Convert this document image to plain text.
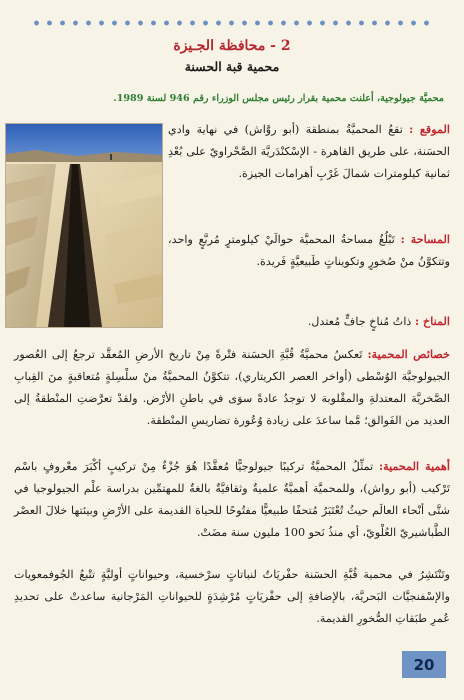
2 - محافظة الجـيزة
محمية قبة الحسنة
محميَّة جيولوجية، أعلنت محمية بقرار رئيس مجلس الوزراء رقم 946 لسنة 1989.
الموقع : تقعُ المحميَّةُ بمنطقة (أبو روَّاش) في نهاية وادي الحسَنة، على طريق القاهرة - الإسْكنْدَريَّة الصَّحْراويّ على بُعْدِ ثمانية كيلومترات شمالَ غَرْبِ أهرامات الجيزة.
المساحة : تَبْلُغُ مساحةُ المحميَّة حوالَيْ كيلومترٍ مُربَّعٍ واحد، وتتكوَّنُ منْ صُخورٍ وتكويناتٍ طَبيعيَّةٍ فَريدة.
المناخ : ذاتُ مُناخٍ جافٍّ مُعتدل.
خصائص المحمية: تَعكسُ محميَّةُ قُبَّةِ الحسَنة فتْرةً مِنْ تاريخ الأرضِ المُعقَّد ترجعُ إلى العُصور الجيولوجيَّة الوُسْطى (أواخر العصر الكريتاري)، تتكوَّنُ المحميَّةُ منْ سلْسِلةٍ مُتعاقبةٍ منَ القِبابِ الصَّخريَّة المعتدلةِ والمقْلوبة لا توجدُ عادةً سوَى في باطنِ الأرْض. ولقدْ تعرَّضتِ المنْطقةُ إلى العديد من الفَوالق؛ مَّما ساعدَ على زيادة وُعُورة تضاريسِ المنْطقة.
أهمية المحمية: تمثِّلُ المحميَّةُ تركيبًا جيولوجيًّا مُعقَّدًا هُوَ جُزْءٌ مِنْ تركيبٍ أكْبَرَ معْروفٍ باسْم تَرْكيب (أبو رواش)، وللمحميَّة أهميَّةٌ علميةٌ وثقافيَّةٌ بالغةٌ للمهتمِّين بدراسة علْم الجيولوجيا في شتَّى أنْحاء العالَم حيثُ تُعْتَبَرُ مُتحفًا طبيعيًّا مفتُوحًا للحياة القديمة على الأرْضِ وبيئتها خلالَ العصْر الطَّباشيريّ العُلْويّ، أي منذُ نَحو 100 مليون سنة مضَتْ.
وتَنْتَشِرُ في محمية قُبَّةِ الحسَنة حفْريَاتٌ لنباتاتٍ سرْخسية، وحيواناتٍ أوليَّةٍ تتْبعُ الجُوفمعويات والإسْفنجيَّات البَحريَّة، بالإضافةِ إلى حفْريَاتٍ مُرْشِدَةٍ للحيواناتِ المَرْجانية ساعدتْ على تحديدِ عُمرِ طبَقاتِ الصُّخورِ القديمة.
20
